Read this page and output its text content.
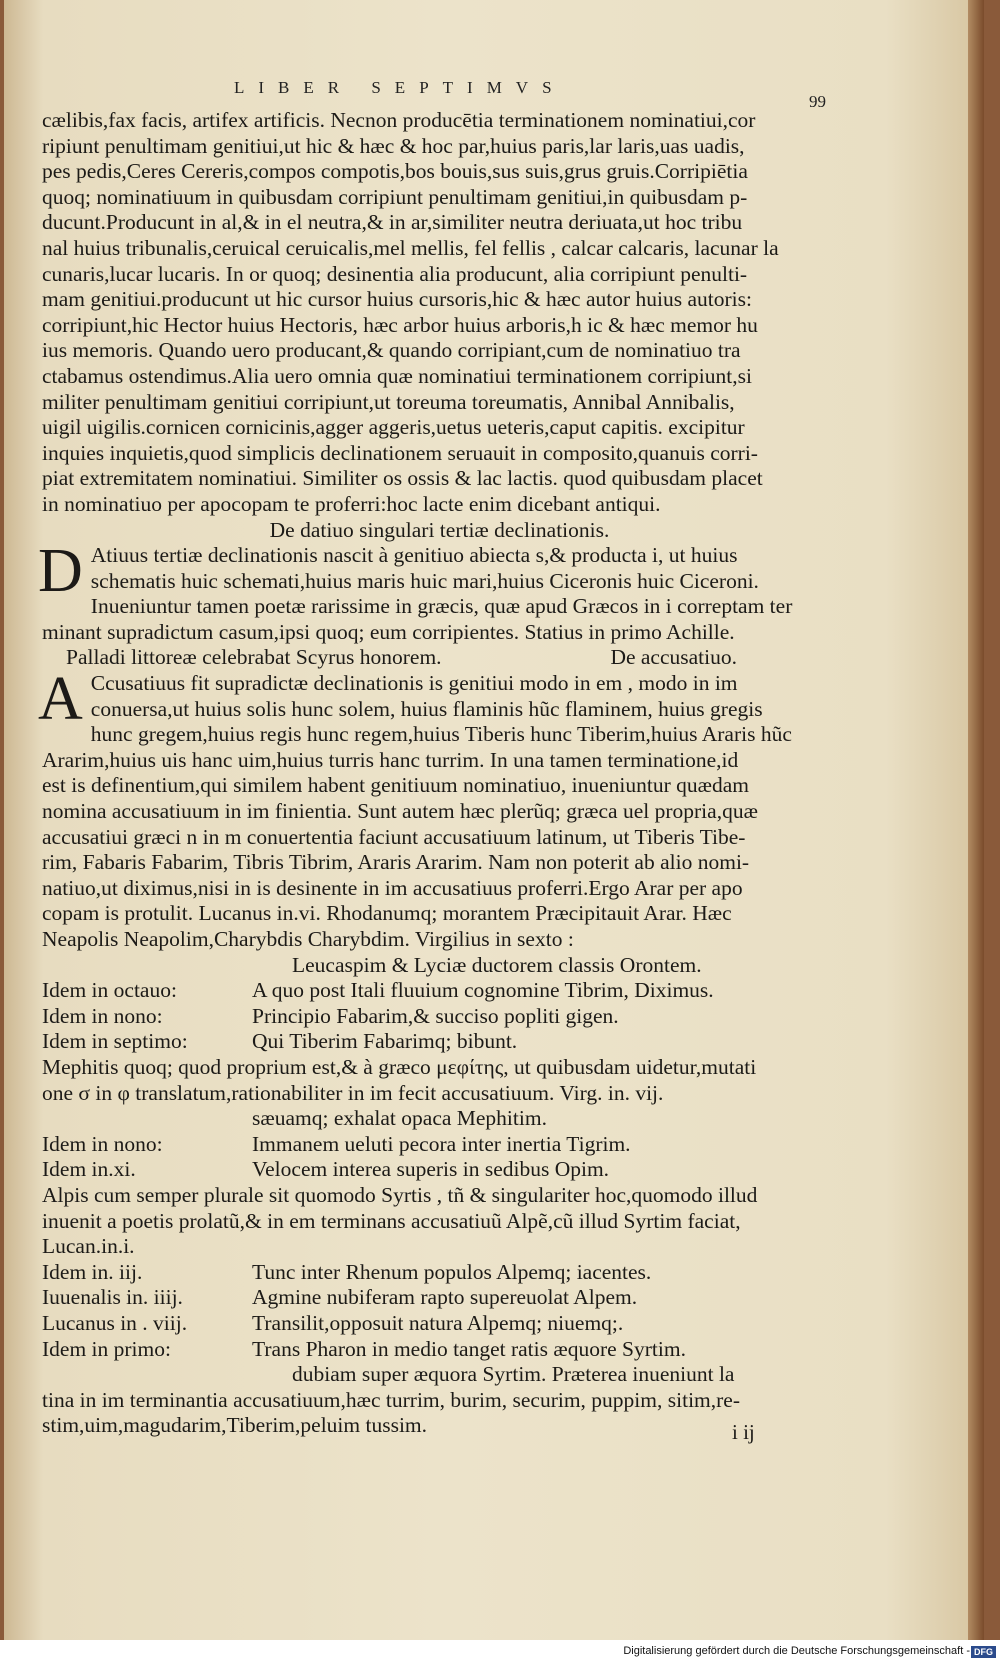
LIBER SEPTIMVS
99
cælibis,fax facis, artifex artificis. Necnon producētia terminationem nominatiui,cor
ripiunt penultimam genitiui,ut hic & hæc & hoc par,huius paris,lar laris,uas uadis,
pes pedis,Ceres Cereris,compos compotis,bos bouis,sus suis,grus gruis.Corripiētia
quoq; nominatiuum in quibusdam corripiunt penultimam genitiui,in quibusdam p-
ducunt.Producunt in al,& in el neutra,& in ar,similiter neutra deriuata,ut hoc tribu
nal huius tribunalis,ceruical ceruicalis,mel mellis, fel fellis , calcar calcaris, lacunar la
cunaris,lucar lucaris. In or quoq; desinentia alia producunt, alia corripiunt penulti-
mam genitiui.producunt ut hic cursor huius cursoris,hic & hæc autor huius autoris:
corripiunt,hic Hector huius Hectoris, hæc arbor huius arboris,h ic & hæc memor hu
ius memoris. Quando uero producant,& quando corripiant,cum de nominatiuo tra
ctabamus ostendimus.Alia uero omnia quæ nominatiui terminationem corripiunt,si
militer penultimam genitiui corripiunt,ut toreuma toreumatis, Annibal Annibalis,
uigil uigilis.cornicen cornicinis,agger aggeris,uetus ueteris,caput capitis. excipitur
inquies inquietis,quod simplicis declinationem seruauit in composito,quanuis corri-
piat extremitatem nominatiui. Similiter os ossis & lac lactis. quod quibusdam placet
in nominatiuo per apocopam te proferri:hoc lacte enim dicebant antiqui.
De datiuo singulari tertiæ declinationis.
D Atiuus tertiæ declinationis nascit à genitiuo abiecta s,& producta i, ut huius
schematis huic schemati,huius maris huic mari,huius Ciceronis huic Ciceroni.
Inueniuntur tamen poetæ rarissime in græcis, quæ apud Græcos in i correptam ter
minant supradictum casum,ipsi quoq; eum corripientes. Statius in primo Achille.
Palladi littoreæ celebrabat Scyrus honorem.	De accusatiuo.
A Ccusatiuus fit supradictæ declinationis is genitiui modo in em , modo in im
conuersa,ut huius solis hunc solem, huius flaminis hũc flaminem, huius gregis
hunc gregem,huius regis hunc regem,huius Tiberis hunc Tiberim,huius Araris hũc
Ararim,huius uis hanc uim,huius turris hanc turrim. In una tamen terminatione,id
est is definentium,qui similem habent genitiuum nominatiuo, inueniuntur quædam
nomina accusatiuum in im finientia. Sunt autem hæc plerũq; græca uel propria,quæ
accusatiui græci n in m conuertentia faciunt accusatiuum latinum, ut Tiberis Tibe-
rim, Fabaris Fabarim, Tibris Tibrim, Araris Ararim. Nam non poterit ab alio nomi-
natiuo,ut diximus,nisi in is desinente in im accusatiuus proferri.Ergo Arar per apo
copam is protulit. Lucanus in.vi. Rhodanumq; morantem Præcipitauit Arar. Hæc
Neapolis Neapolim,Charybdis Charybdim. Virgilius in sexto :
Leucaspim & Lyciæ ductorem classis Orontem.
Idem in octauo:	A quo post Itali fluuium cognomine Tibrim, Diximus.
Idem in nono:	Principio Fabarim,& succiso popliti gigen.
Idem in septimo:	Qui Tiberim Fabarimq; bibunt.
Mephitis quoq; quod proprium est,& à græco μεφίτης, ut quibusdam uidetur,mutati
one σ in φ translatum,rationabiliter in im fecit accusatiuum. Virg. in. vij.
sæuamq; exhalat opaca Mephitim.
Idem in nono:	Immanem ueluti pecora inter inertia Tigrim.
Idem in.xi.	Velocem interea superis in sedibus Opim.
Alpis cum semper plurale sit quomodo Syrtis , tñ & singulariter hoc,quomodo illud
inuenit a poetis prolatũ,& in em terminans accusatiuũ Alpẽ,cũ illud Syrtim faciat,
Lucan.in.i.
Idem in. iij.	Tunc inter Rhenum populos Alpemq; iacentes.
Iuuenalis in. iiij.	Agmine nubiferam rapto supereuolat Alpem.
Lucanus in . viij.	Transilit,opposuit natura Alpemq; niuemq;.
Idem in primo:	Trans Pharon in medio tanget ratis æquore Syrtim.
dubiam super æquora Syrtim. Præterea inueniunt la
tina in im terminantia accusatiuum,hæc turrim, burim, securim, puppim, sitim,re-
stim,uim,magudarim,Tiberim,peluim tussim.	i ij
Digitalisierung gefördert durch die Deutsche Forschungsgemeinschaft - DFG
